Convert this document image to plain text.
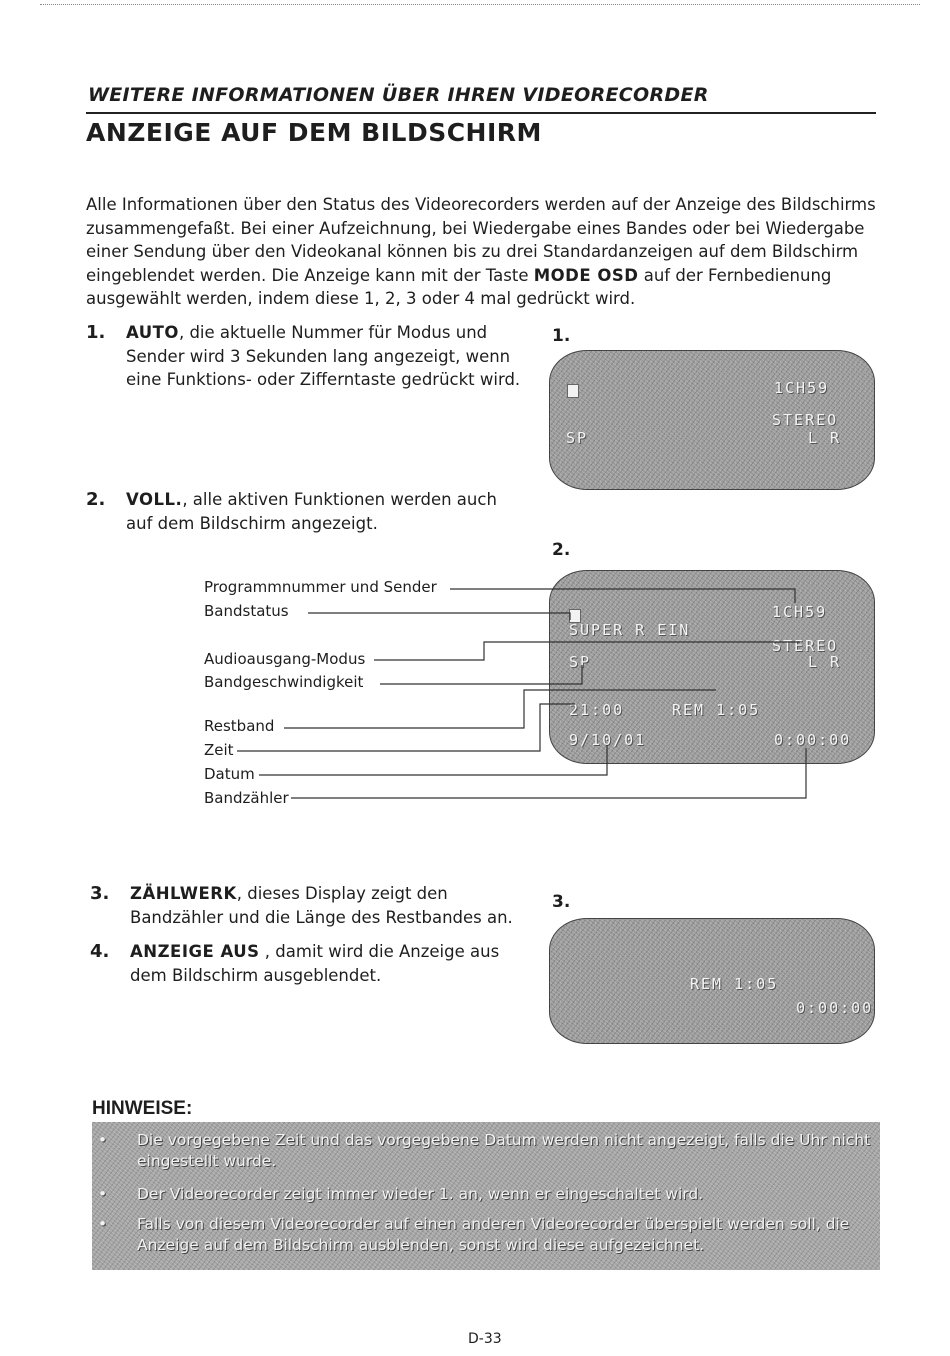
WEITERE INFORMATIONEN ÜBER IHREN VIDEORECORDER
ANZEIGE AUF DEM BILDSCHIRM
Alle Informationen über den Status des Videorecorders werden auf der Anzeige des Bildschirms zusammengefaßt. Bei einer Aufzeichnung, bei Wiedergabe eines Bandes oder bei Wiedergabe einer Sendung über den Videokanal können bis zu drei Standardanzeigen auf dem Bildschirm eingeblendet werden. Die Anzeige kann mit der Taste MODE OSD auf der Fernbedienung ausgewählt werden, indem diese 1, 2, 3 oder 4 mal gedrückt wird.
1. AUTO, die aktuelle Nummer für Modus und Sender wird 3 Sekunden lang angezeigt, wenn eine Funktions- oder Zifferntaste gedrückt wird.
2. VOLL., alle aktiven Funktionen werden auch auf dem Bildschirm angezeigt.
1.
1CH59
STEREO
SP	L R
2.
1CH59
SUPER R EIN
STEREO
SP	L R
21:00	REM 1:05
9/10/01	0:00:00
Programmnummer und Sender
Bandstatus
Audioausgang-Modus
Bandgeschwindigkeit
Restband
Zeit
Datum
Bandzähler
3. ZÄHLWERK, dieses Display zeigt den Bandzähler und die Länge des Restbandes an.
4. ANZEIGE AUS , damit wird die Anzeige aus dem Bildschirm ausgeblendet.
3.
REM 1:05
0:00:00
HINWEISE:
• Die vorgegebene Zeit und das vorgegebene Datum werden nicht angezeigt, falls die Uhr nicht eingestellt wurde.
• Der Videorecorder zeigt immer wieder 1. an, wenn er eingeschaltet wird.
• Falls von diesem Videorecorder auf einen anderen Videorecorder überspielt werden soll, die Anzeige auf dem Bildschirm ausblenden, sonst wird diese aufgezeichnet.
D-33
